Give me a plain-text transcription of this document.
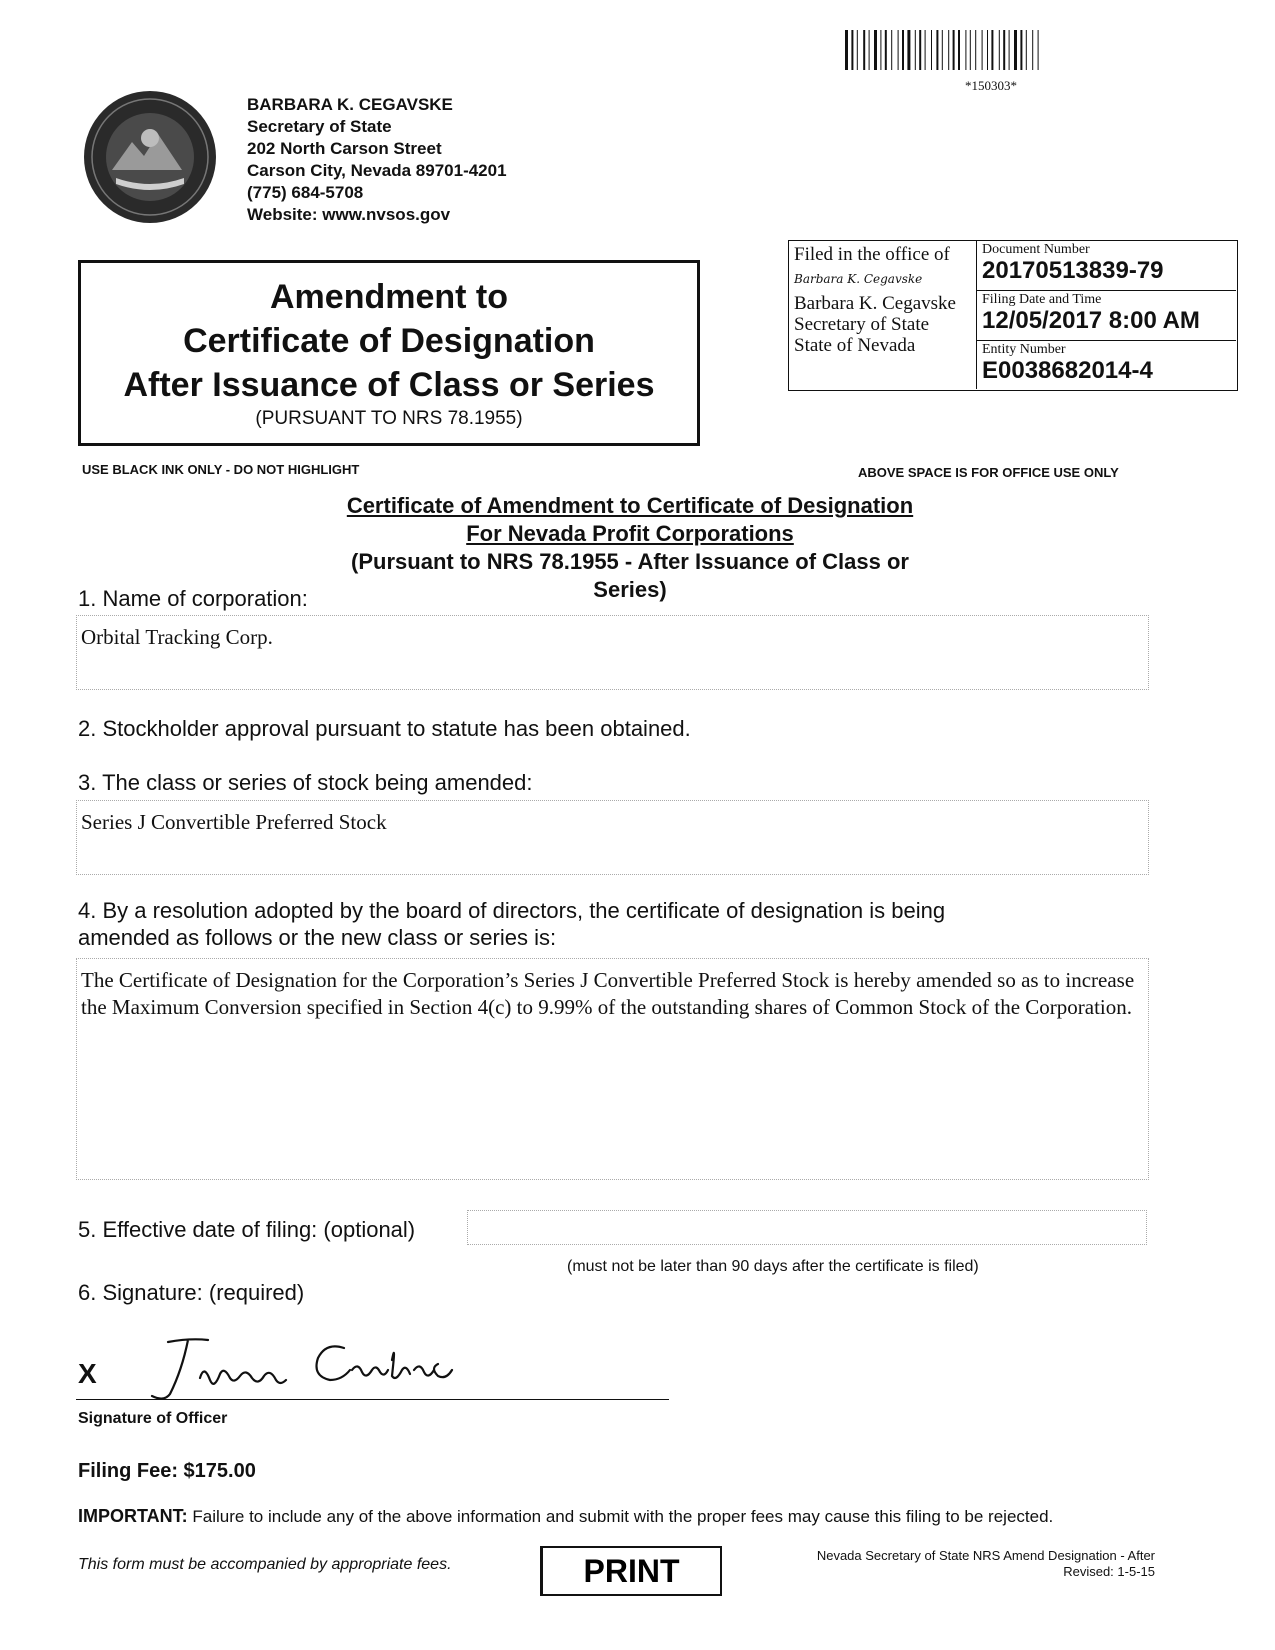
*150303*
BARBARA K. CEGAVSKE
Secretary of State
202 North Carson Street
Carson City, Nevada 89701-4201
(775) 684-5708
Website: www.nvsos.gov
Amendment to
Certificate of Designation
After Issuance of Class or Series
(PURSUANT TO NRS 78.1955)
Filed in the office of
Barbara K. Cegavske
Barbara K. Cegavske
Secretary of State
State of Nevada
Document Number
20170513839-79
Filing Date and Time
12/05/2017 8:00 AM
Entity Number
E0038682014-4
USE BLACK INK ONLY - DO NOT HIGHLIGHT	ABOVE SPACE IS FOR OFFICE USE ONLY
Certificate of Amendment to Certificate of Designation
For Nevada Profit Corporations
(Pursuant to NRS 78.1955 - After Issuance of Class or
Series)
1. Name of corporation:
Orbital Tracking Corp.
2. Stockholder approval pursuant to statute has been obtained.
3. The class or series of stock being amended:
Series J Convertible Preferred Stock
4. By a resolution adopted by the board of directors, the certificate of designation is being
amended as follows or the new class or series is:
The Certificate of Designation for the Corporation’s Series J Convertible Preferred Stock is hereby amended so as to increase the Maximum Conversion specified in Section 4(c) to 9.99% of the outstanding shares of Common Stock of the Corporation.
5. Effective date of filing: (optional)
(must not be later than 90 days after the certificate is filed)
6. Signature: (required)
X
Signature of Officer
Filing Fee: $175.00
IMPORTANT: Failure to include any of the above information and submit with the proper fees may cause this filing to be rejected.
This form must be accompanied by appropriate fees.	PRINT	Nevada Secretary of State NRS Amend Designation - After
Revised: 1-5-15
